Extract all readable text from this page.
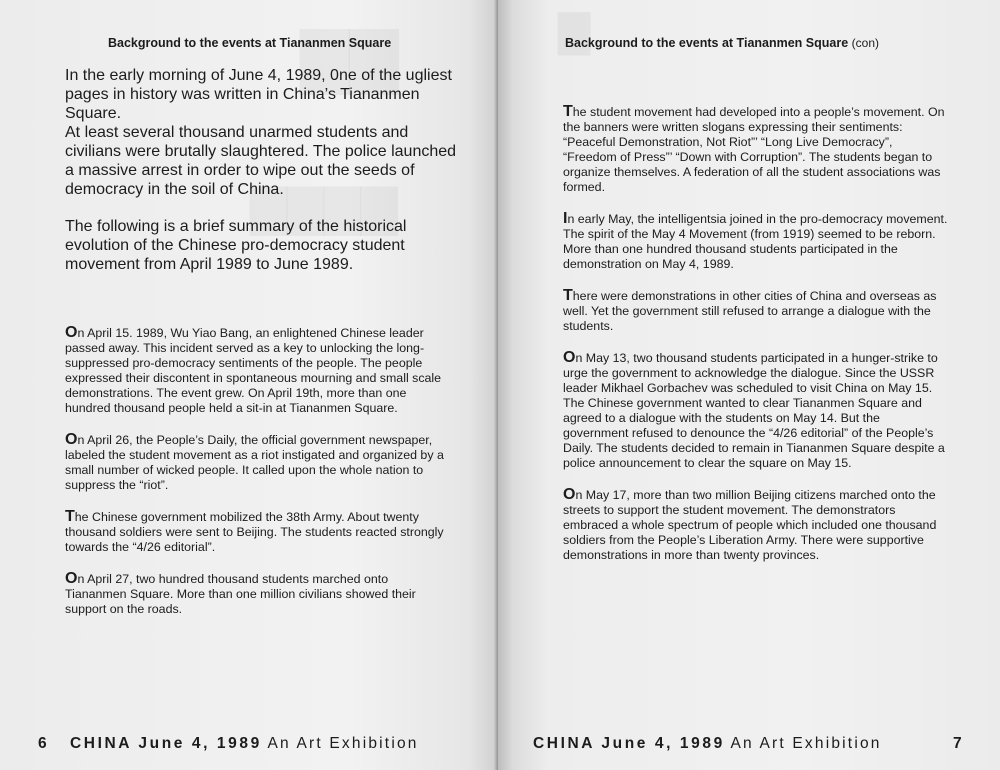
Background to the events at Tiananmen Square

In the early morning of June 4, 1989, 0ne of the ugliest pages in history was written in China’s Tiananmen Square.

At least several thousand unarmed students and civilians were brutally slaughtered. The police launched a massive arrest in order to wipe out the seeds of democracy in the soil of China.

The following is a brief summary of the historical evolution of the Chinese pro-democracy student movement from April 1989 to June 1989.

On April 15. 1989, Wu Yiao Bang, an enlightened Chinese leader passed away. This incident served as a key to unlocking the long-suppressed pro-democracy sentiments of the people. The people expressed their discontent in spontaneous mourning and small scale demonstrations. The event grew. On April 19th, more than one hundred thousand people held a sit-in at Tiananmen Square.

On April 26, the People’s Daily, the official government newspaper, labeled the student movement as a riot instigated and organized by a small number of wicked people. It called upon the whole nation to suppress the “riot”.

The Chinese government mobilized the 38th Army. About twenty thousand soldiers were sent to Beijing. The students reacted strongly towards the “4/26 editorial”.

On April 27, two hundred thousand students marched onto Tiananmen Square. More than one million civilians showed their support on the roads.

6 CHINA June 4, 1989 An Art Exhibition
Background to the events at Tiananmen Square (con)

The student movement had developed into a people’s movement. On the banners were written slogans expressing their sentiments: “Peaceful Demonstration, Not Riot”’ “Long Live Democracy”, “Freedom of Press”’ “Down with Corruption”. The students began to organize themselves. A federation of all the student associations was formed.

In early May, the intelligentsia joined in the pro-democracy movement. The spirit of the May 4 Movement (from 1919) seemed to be reborn. More than one hundred thousand students participated in the demonstration on May 4, 1989.

There were demonstrations in other cities of China and overseas as well. Yet the government still refused to arrange a dialogue with the students.

On May 13, two thousand students participated in a hunger-strike to urge the government to acknowledge the dialogue. Since the USSR leader Mikhael Gorbachev was scheduled to visit China on May 15. The Chinese government wanted to clear Tiananmen Square and agreed to a dialogue with the students on May 14. But the government refused to denounce the “4/26 editorial” of the People’s Daily. The students decided to remain in Tiananmen Square despite a police announcement to clear the square on May 15.

On May 17, more than two million Beijing citizens marched onto the streets to support the student movement. The demonstrators embraced a whole spectrum of people which included one thousand soldiers from the People’s Liberation Army. There were supportive demonstrations in more than twenty provinces.

CHINA June 4, 1989 An Art Exhibition	7
